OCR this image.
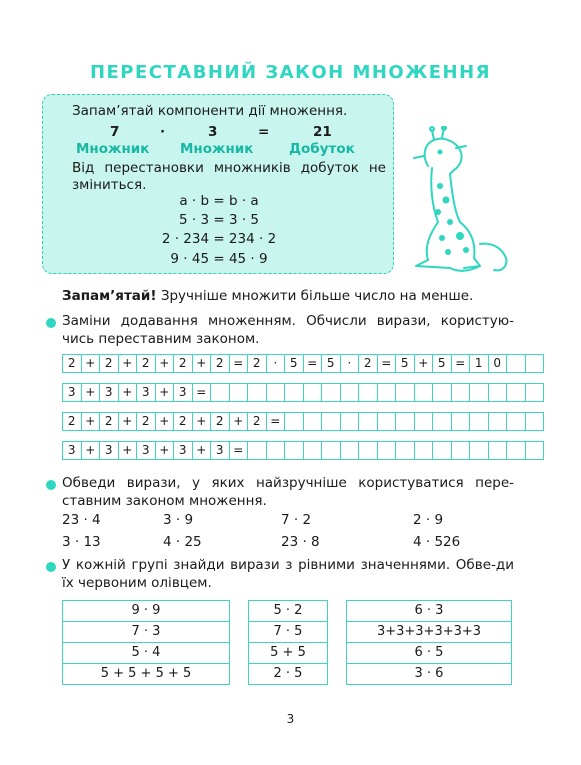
ПЕРЕСТАВНИЙ ЗАКОН МНОЖЕННЯ
Запам’ятай компоненти дії множення.
7	·	3	=	21
Множник Множник	Добуток
Від перестановки множників добуток не зміниться.
a · b = b · a
5 · 3 = 3 · 5
2 · 234 = 234 · 2
9 · 45 = 45 · 9
Запам’ятай! Зручніше множити більше число на менше.
Заміни додавання множенням. Обчисли вирази, користую-чись переставним законом.
2 + 2 + 2 + 2 + 2 = 2	·	5 = 5	·	2 = 5 + 5 = 1 0
3 + 3 + 3 + 3 =
2 + 2 + 2 + 2 + 2 + 2 =
3 + 3 + 3 + 3 + 3 =
Обведи вирази, у яких найзручніше користуватися пере-ставним законом множення.
23 · 4	3 · 9	7 · 2	2 · 9
3 · 13	4 · 25	23 · 8	4 · 526
У кожній групі знайди вирази з рівними значеннями. Обве-ди їх червоним олівцем.
9 · 9
7 · 3
5 · 4
5 + 5 + 5 + 5
5 · 2
7 · 5
5 + 5
2 · 5
6 · 3
3+3+3+3+3+3
6 · 5
3 · 6
3
